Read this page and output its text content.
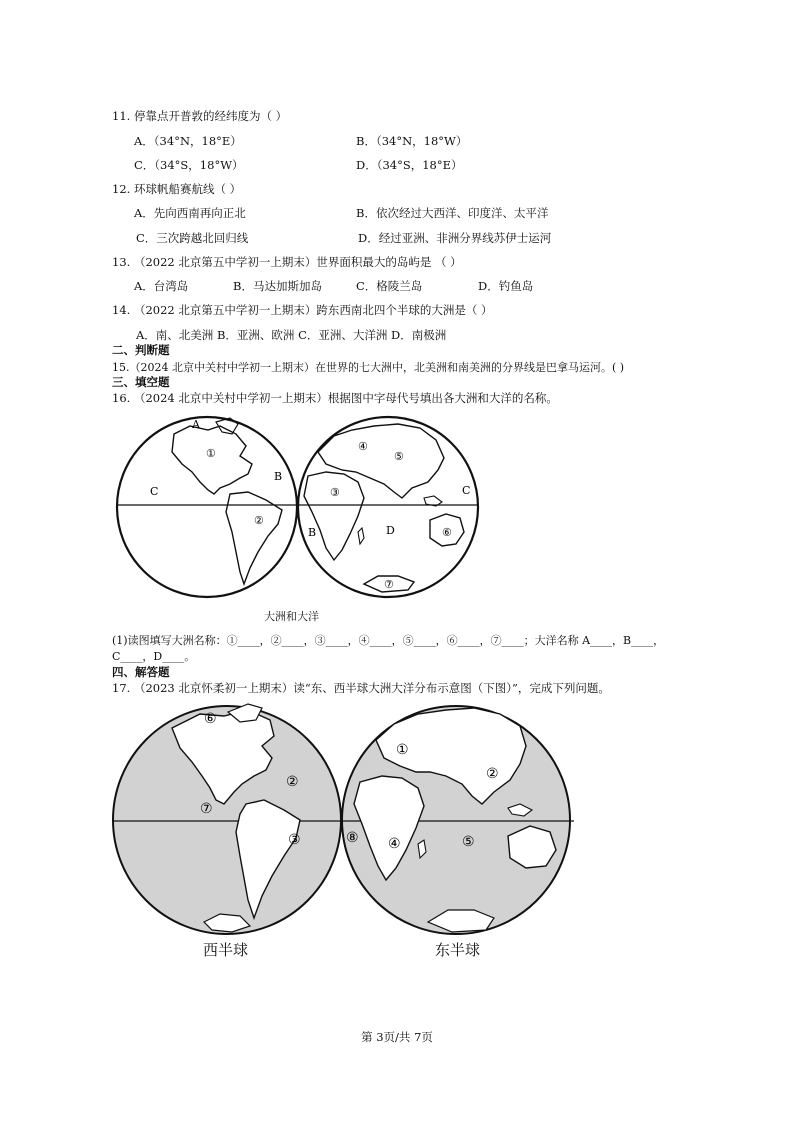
11. 停靠点开普敦的经纬度为（ ）
A．（34°N，18°E）	B．（34°N，18°W）
C．（34°S，18°W）	D．（34°S，18°E）
12. 环球帆船赛航线（ ）
A．先向西南再向正北	B．依次经过大西洋、印度洋、太平洋
C．三次跨越北回归线	D．经过亚洲、非洲分界线苏伊士运河
13. （2022 北京第五中学初一上期末）世界面积最大的岛屿是 （ ）
A．台湾岛	B．马达加斯加岛	C．格陵兰岛	D．钓鱼岛
14. （2022 北京第五中学初一上期末）跨东西南北四个半球的大洲是（ ）
A．南、北美洲 B．亚洲、欧洲 C．亚洲、大洋洲 D．南极洲
二、判断题
15.（2024 北京中关村中学初一上期末）在世界的七大洲中，北美洲和南美洲的分界线是巴拿马运河。( )
三、填空题
16. （2024 北京中关村中学初一上期末）根据图中字母代号填出各大洲和大洋的名称。
A
B
C
①
②
③
④
⑤
⑥
⑦
B
C
D
大洲和大洋
(1)读图填写大洲名称：①____，②____，③____，④____，⑤____，⑥____，⑦____；大洋名称 A____，B____，
C____，D____。
四、解答题
17. （2023 北京怀柔初一上期末）读“东、西半球大洲大洋分布示意图（下图）”，完成下列问题。
⑥
②
⑦
③
①
②
⑧ ④	⑤
西半球	东半球
第 3页/共 7页
